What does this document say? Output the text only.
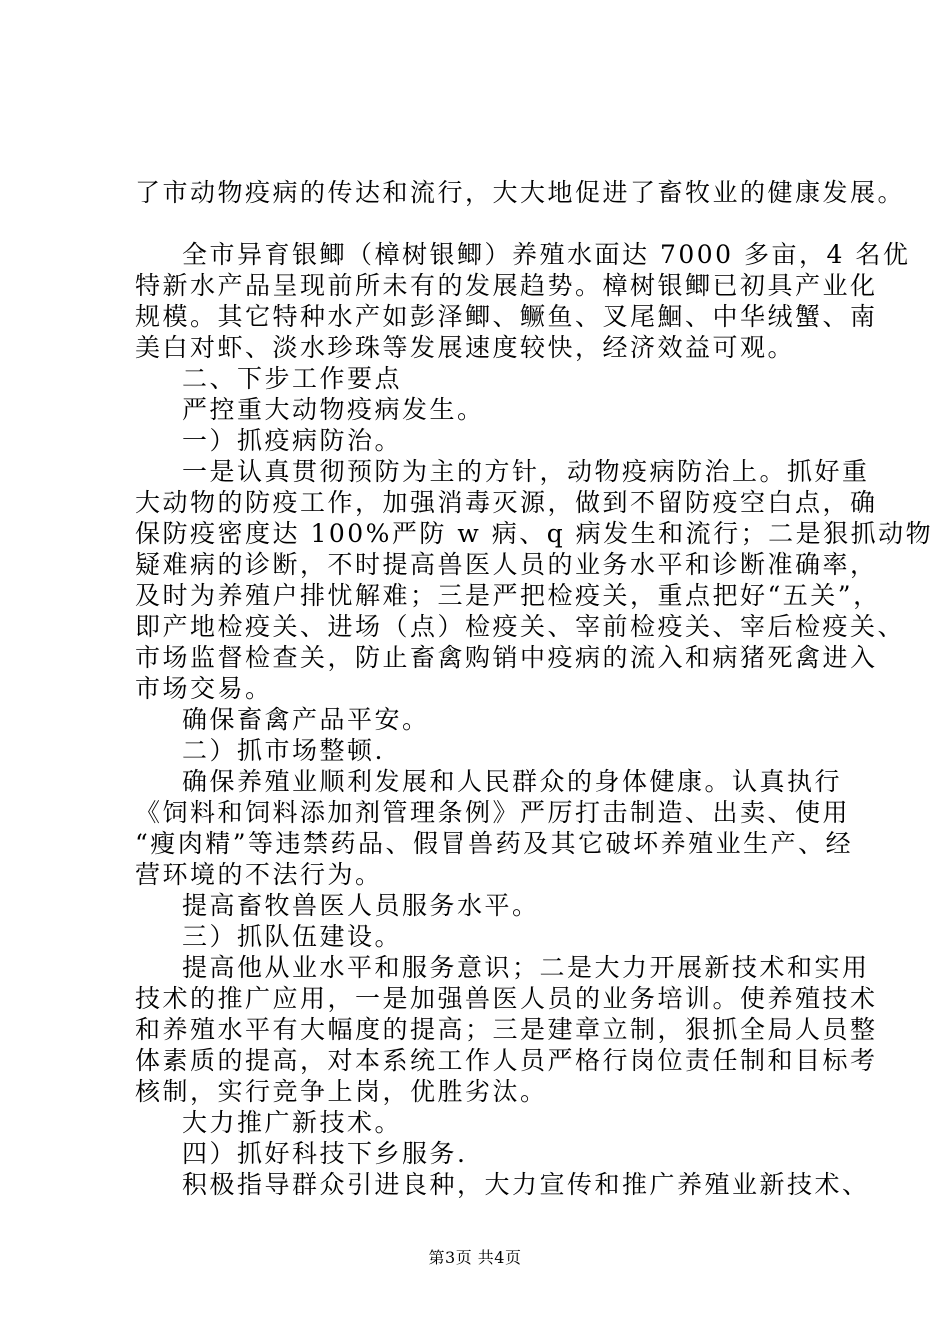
了市动物疫病的传达和流行，大大地促进了畜牧业的健康发展。
全市异育银鲫（樟树银鲫）养殖水面达 7000 多亩，4 名优
特新水产品呈现前所未有的发展趋势。樟树银鲫已初具产业化
规模。其它特种水产如彭泽鲫、鳜鱼、叉尾鮰、中华绒蟹、南
美白对虾、淡水珍珠等发展速度较快，经济效益可观。
二、下步工作要点
严控重大动物疫病发生。
一）抓疫病防治。
一是认真贯彻预防为主的方针，动物疫病防治上。抓好重
大动物的防疫工作，加强消毒灭源，做到不留防疫空白点，确
保防疫密度达 100%严防 w 病、q 病发生和流行；二是狠抓动物
疑难病的诊断，不时提高兽医人员的业务水平和诊断准确率，
及时为养殖户排忧解难；三是严把检疫关，重点把好“五关”，
即产地检疫关、进场（点）检疫关、宰前检疫关、宰后检疫关、
市场监督检查关，防止畜禽购销中疫病的流入和病猪死禽进入
市场交易。
确保畜禽产品平安。
二）抓市场整顿.
确保养殖业顺利发展和人民群众的身体健康。认真执行
《饲料和饲料添加剂管理条例》严厉打击制造、出卖、使用
“瘦肉精”等违禁药品、假冒兽药及其它破坏养殖业生产、经
营环境的不法行为。
提高畜牧兽医人员服务水平。
三）抓队伍建设。
提高他从业水平和服务意识；二是大力开展新技术和实用
技术的推广应用，一是加强兽医人员的业务培训。使养殖技术
和养殖水平有大幅度的提高；三是建章立制，狠抓全局人员整
体素质的提高，对本系统工作人员严格行岗位责任制和目标考
核制，实行竞争上岗，优胜劣汰。
大力推广新技术。
四）抓好科技下乡服务.
积极指导群众引进良种，大力宣传和推广养殖业新技术、
第3页 共4页
